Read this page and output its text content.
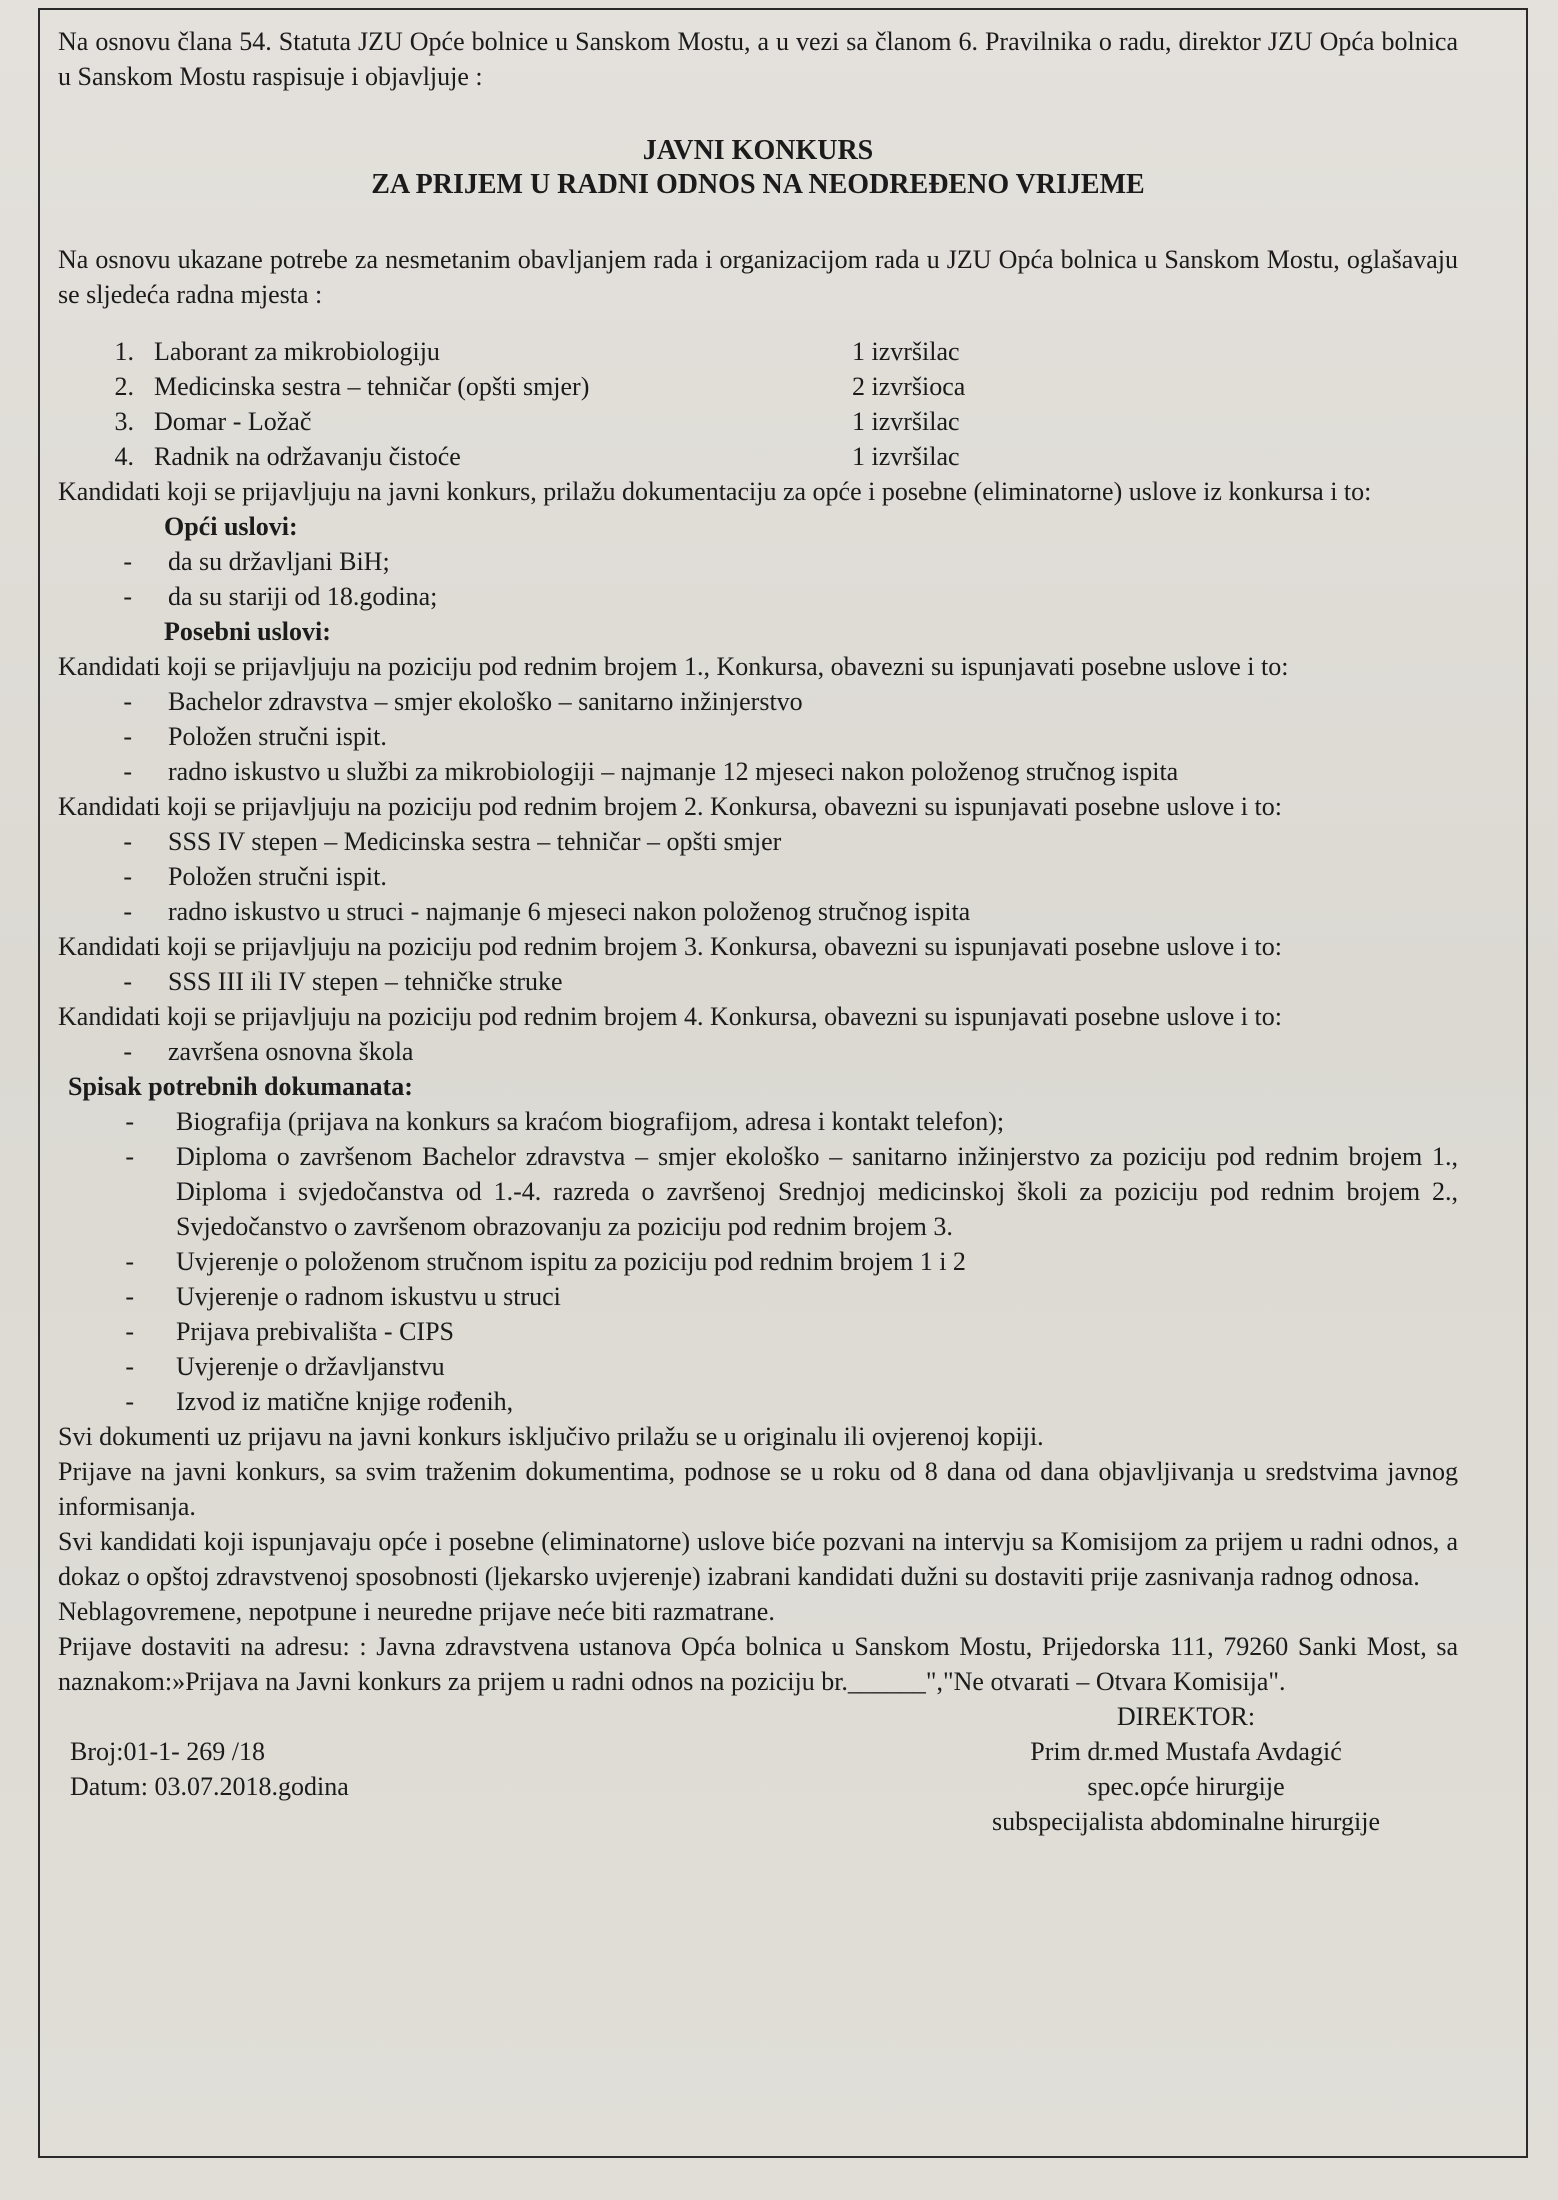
Na osnovu člana 54. Statuta JZU Opće bolnice u Sanskom Mostu, a u vezi sa članom 6. Pravilnika o radu, direktor JZU Opća bolnica u Sanskom Mostu raspisuje i objavljuje :

JAVNI KONKURS

ZA PRIJEM U RADNI ODNOS NA NEODREĐENO VRIJEME

Na osnovu ukazane potrebe za nesmetanim obavljanjem rada i organizacijom rada u JZU Opća bolnica u Sanskom Mostu, oglašavaju se sljedeća radna mjesta :

1. Laborant za mikrobiologiju	1 izvršilac
2. Medicinska sestra – tehničar (opšti smjer)	2 izvršioca
3. Domar - Ložač	1 izvršilac
4. Radnik na održavanju čistoće	1 izvršilac

Kandidati koji se prijavljuju na javni konkurs, prilažu dokumentaciju za opće i posebne (eliminatorne) uslove iz konkursa i to:

Opći uslovi:
-	da su državljani BiH;
-	da su stariji od 18.godina;
Posebni uslovi:

Kandidati koji se prijavljuju na poziciju pod rednim brojem 1., Konkursa, obavezni su ispunjavati posebne uslove i to:

-	Bachelor zdravstva – smjer ekološko – sanitarno inžinjerstvo
-	Položen stručni ispit.
-	radno iskustvo u službi za mikrobiologiji – najmanje 12 mjeseci nakon položenog stručnog ispita

Kandidati koji se prijavljuju na poziciju pod rednim brojem 2. Konkursa, obavezni su ispunjavati posebne uslove i to:

-	SSS IV stepen – Medicinska sestra – tehničar – opšti smjer
-	Položen stručni ispit.
-	radno iskustvo u struci - najmanje 6 mjeseci nakon položenog stručnog ispita

Kandidati koji se prijavljuju na poziciju pod rednim brojem 3. Konkursa, obavezni su ispunjavati posebne uslove i to:

-	SSS III ili IV stepen – tehničke struke

Kandidati koji se prijavljuju na poziciju pod rednim brojem 4. Konkursa, obavezni su ispunjavati posebne uslove i to:

-	završena osnovna škola
Spisak potrebnih dokumanata:
-	Biografija (prijava na konkurs sa kraćom biografijom, adresa i kontakt telefon);
-	Diploma o završenom Bachelor zdravstva – smjer ekološko – sanitarno inžinjerstvo za poziciju pod rednim brojem 1., Diploma i svjedočanstva od 1.-4. razreda o završenoj Srednjoj medicinskoj školi za poziciju pod rednim brojem 2., Svjedočanstvo o završenom obrazovanju za poziciju pod rednim brojem 3.
-	Uvjerenje o položenom stručnom ispitu za poziciju pod rednim brojem 1 i 2
-	Uvjerenje o radnom iskustvu u struci
-	Prijava prebivališta - CIPS
-	Uvjerenje o državljanstvu
-	Izvod iz matične knjige rođenih,

Svi dokumenti uz prijavu na javni konkurs isključivo prilažu se u originalu ili ovjerenoj kopiji.

Prijave na javni konkurs, sa svim traženim dokumentima, podnose se u roku od 8 dana od dana objavljivanja u sredstvima javnog informisanja.

Svi kandidati koji ispunjavaju opće i posebne (eliminatorne) uslove biće pozvani na intervju sa Komisijom za prijem u radni odnos, a dokaz o opštoj zdravstvenoj sposobnosti (ljekarsko uvjerenje) izabrani kandidati dužni su dostaviti prije zasnivanja radnog odnosa.

Neblagovremene, nepotpune i neuredne prijave neće biti razmatrane.

Prijave dostaviti na adresu: : Javna zdravstvena ustanova Opća bolnica u Sanskom Mostu, Prijedorska 111, 79260 Sanki Most, sa naznakom:»Prijava na Javni konkurs za prijem u radni odnos na poziciju br.______","Ne otvarati – Otvara Komisija".

DIREKTOR:
Broj:01-1- 269 /18
Datum: 03.07.2018.godina
Prim dr.med Mustafa Avdagić
spec.opće hirurgije
subspecijalista abdominalne hirurgije
